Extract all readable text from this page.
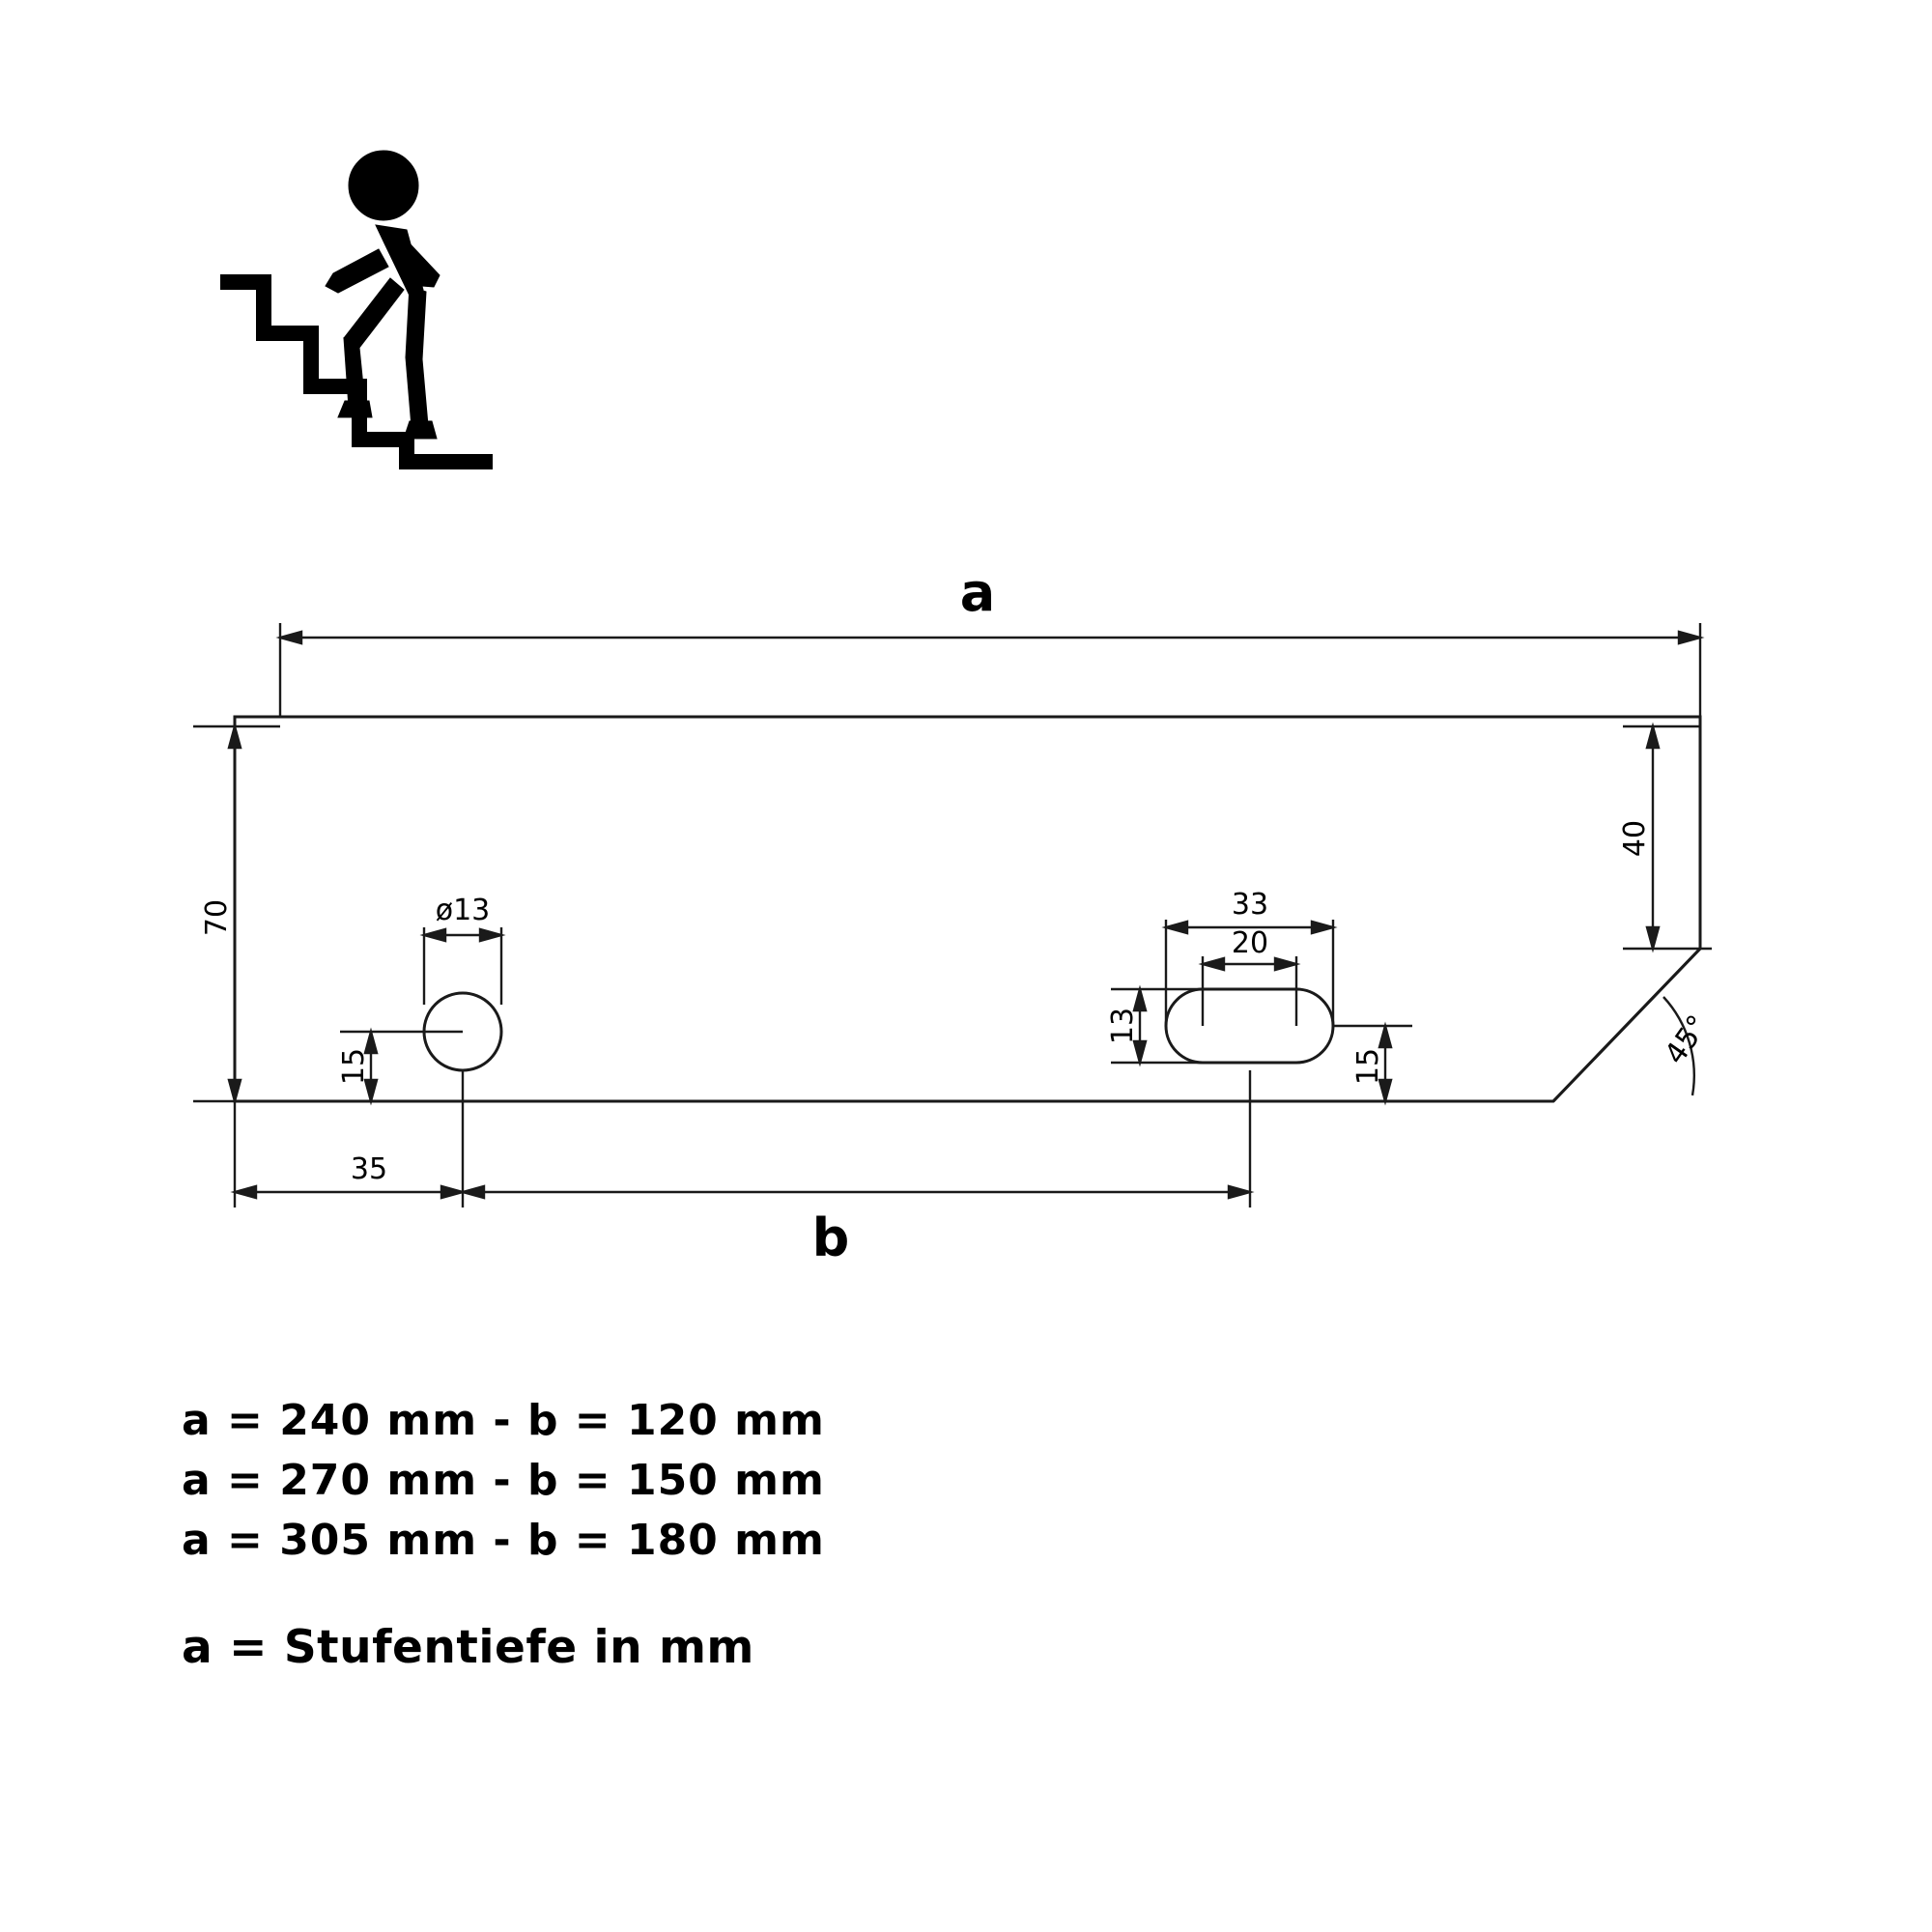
a
b
70
40
15	15
35
ø13	33
20
13	45°
a = 240 mm - b = 120 mm
a = 270 mm - b = 150 mm
a = 305 mm - b = 180 mm
a = Stufentiefe in mm
